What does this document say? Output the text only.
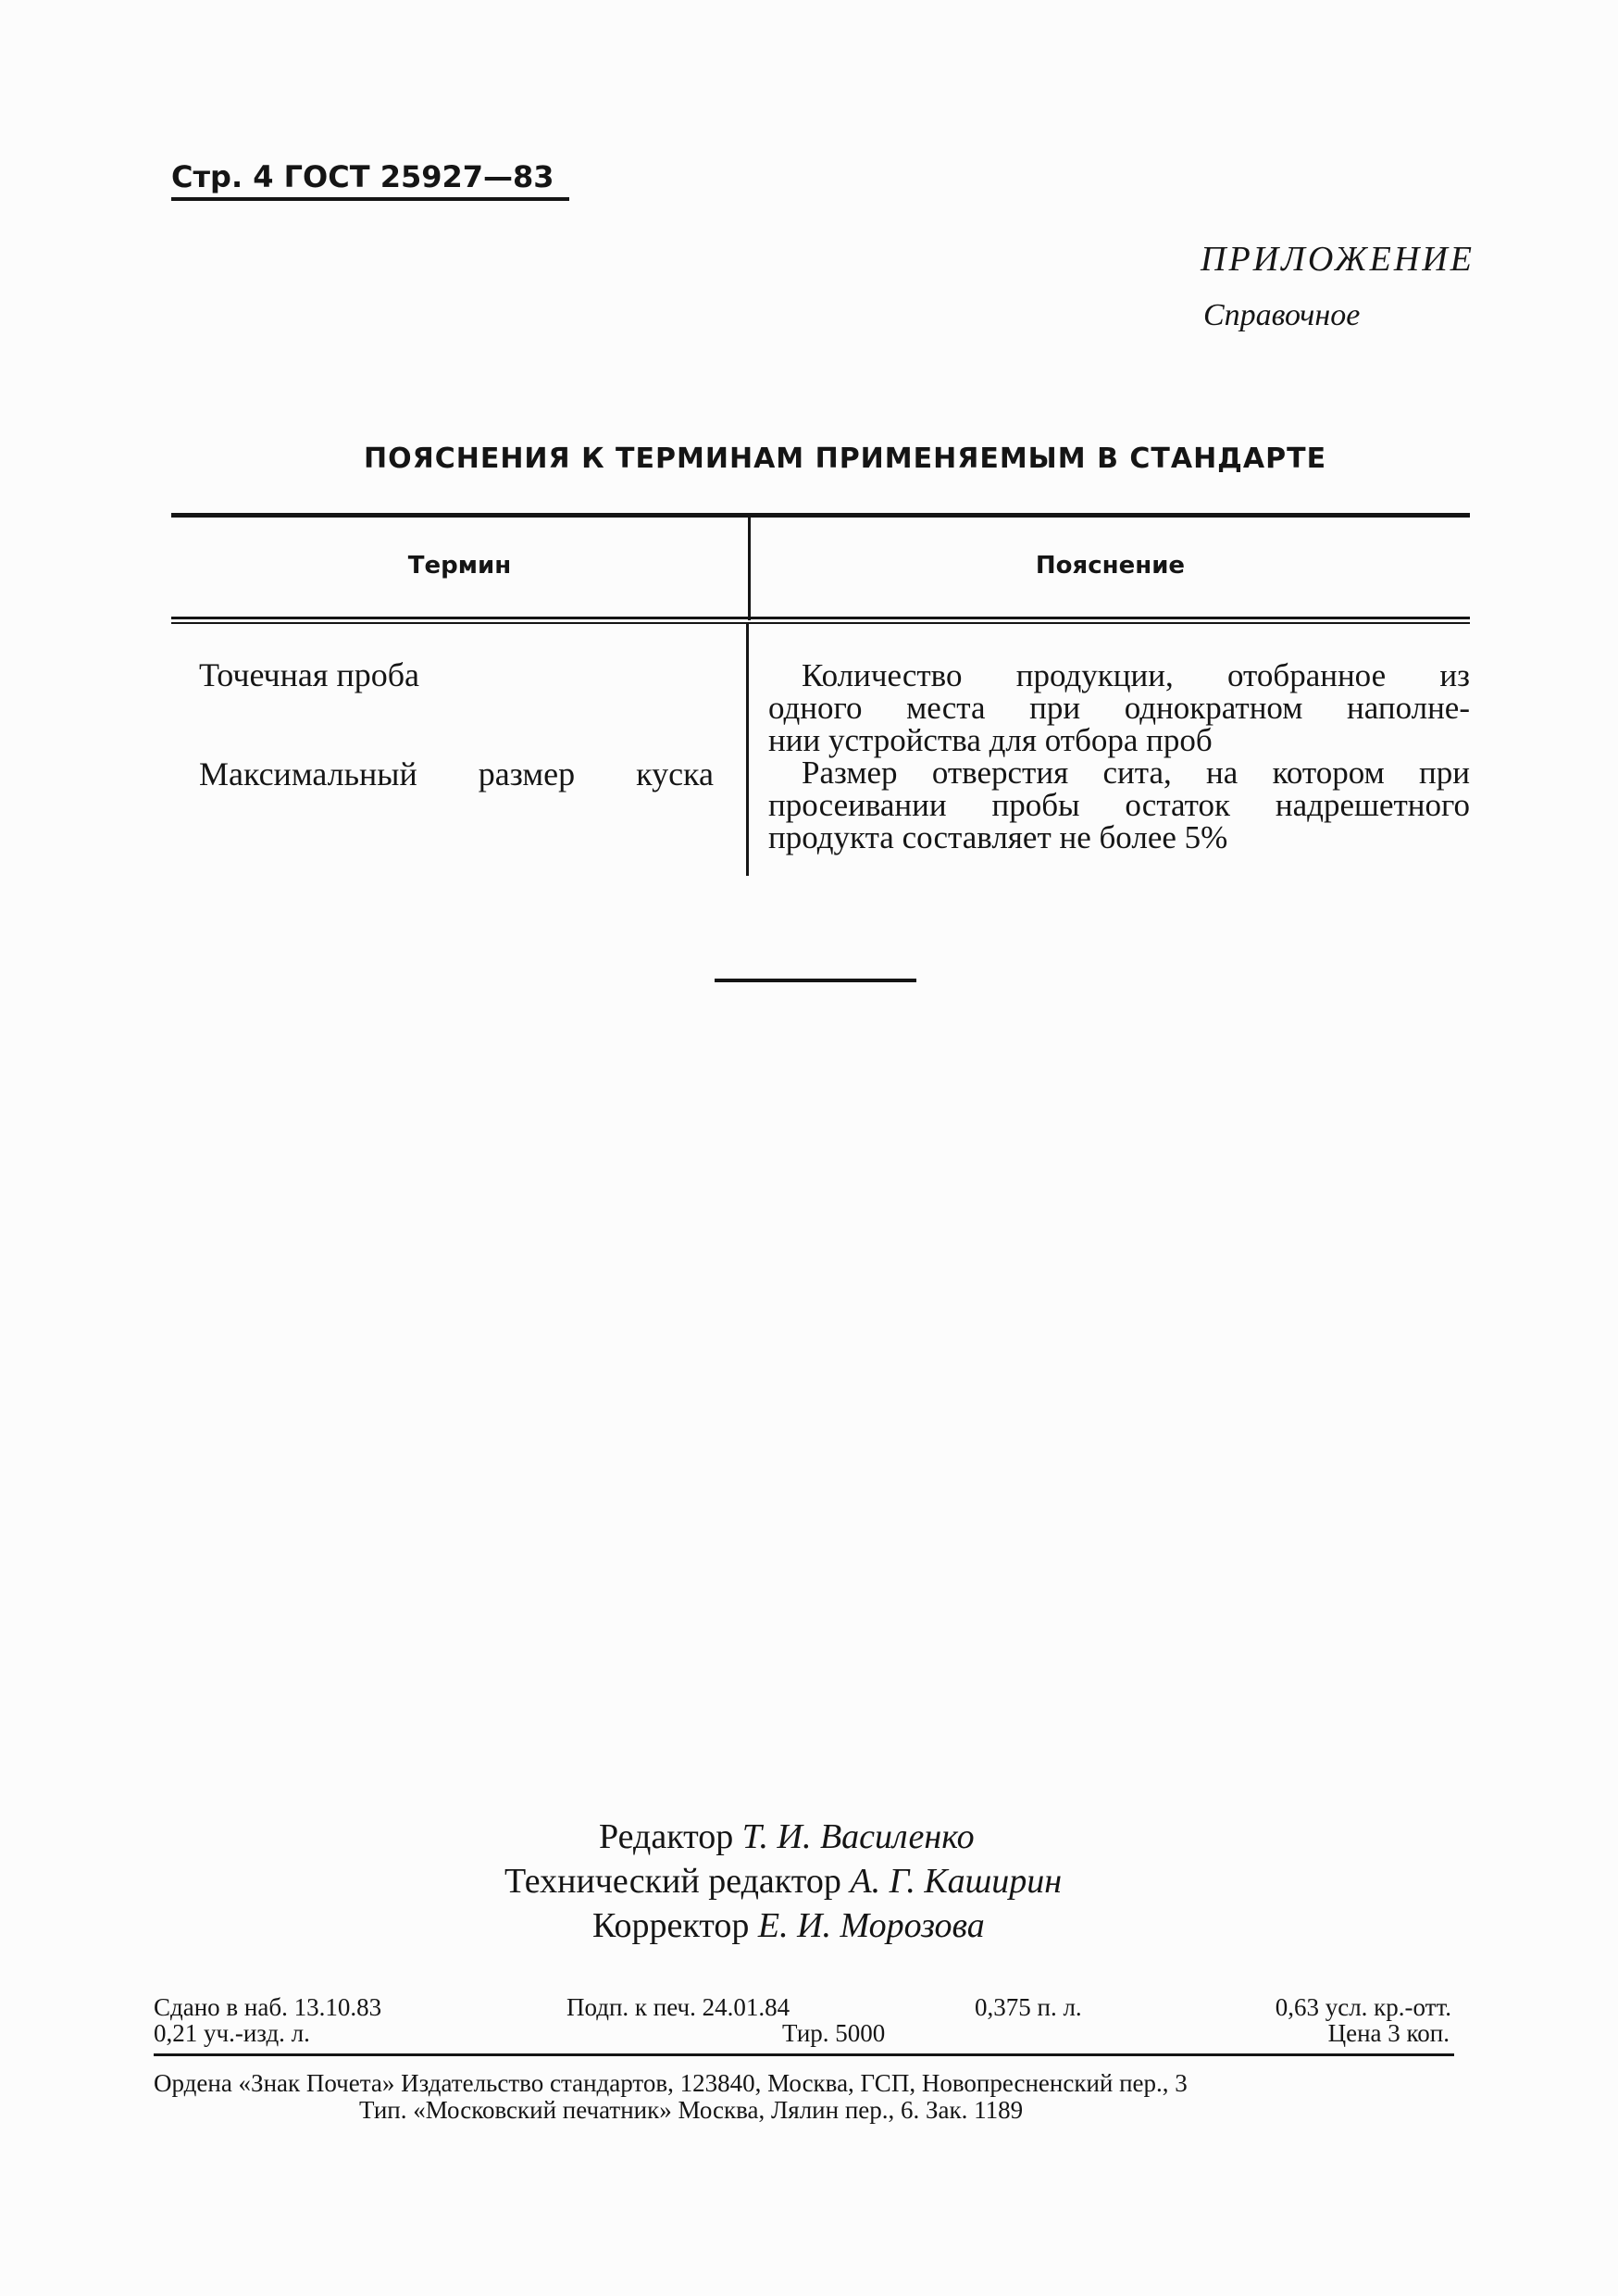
Стр. 4 ГОСТ 25927—83
ПРИЛОЖЕНИЕ
Справочное
ПОЯСНЕНИЯ К ТЕРМИНАМ ПРИМЕНЯЕМЫМ В СТАНДАРТЕ
Термин	Пояснение
Точечная проба	Количество продукции, отобранное из
одного места при однократном наполне-
нии устройства для отбора проб
Максимальный размер куска	Размер отверстия сита, на котором при
просеивании пробы остаток надрешетного
продукта составляет не более 5%
Редактор Т. И. Василенко
Технический редактор А. Г. Каширин
Корректор Е. И. Морозова
Сдано в наб. 13.10.83	Подп. к печ. 24.01.84	0,375 п. л.	0,63 усл. кр.-отт.
0,21 уч.-изд. л.	Тир. 5000	Цена 3 коп.
Ордена «Знак Почета» Издательство стандартов, 123840, Москва, ГСП, Новопресненский пер., 3
Тип. «Московский печатник» Москва, Лялин пер., 6. Зак. 1189
